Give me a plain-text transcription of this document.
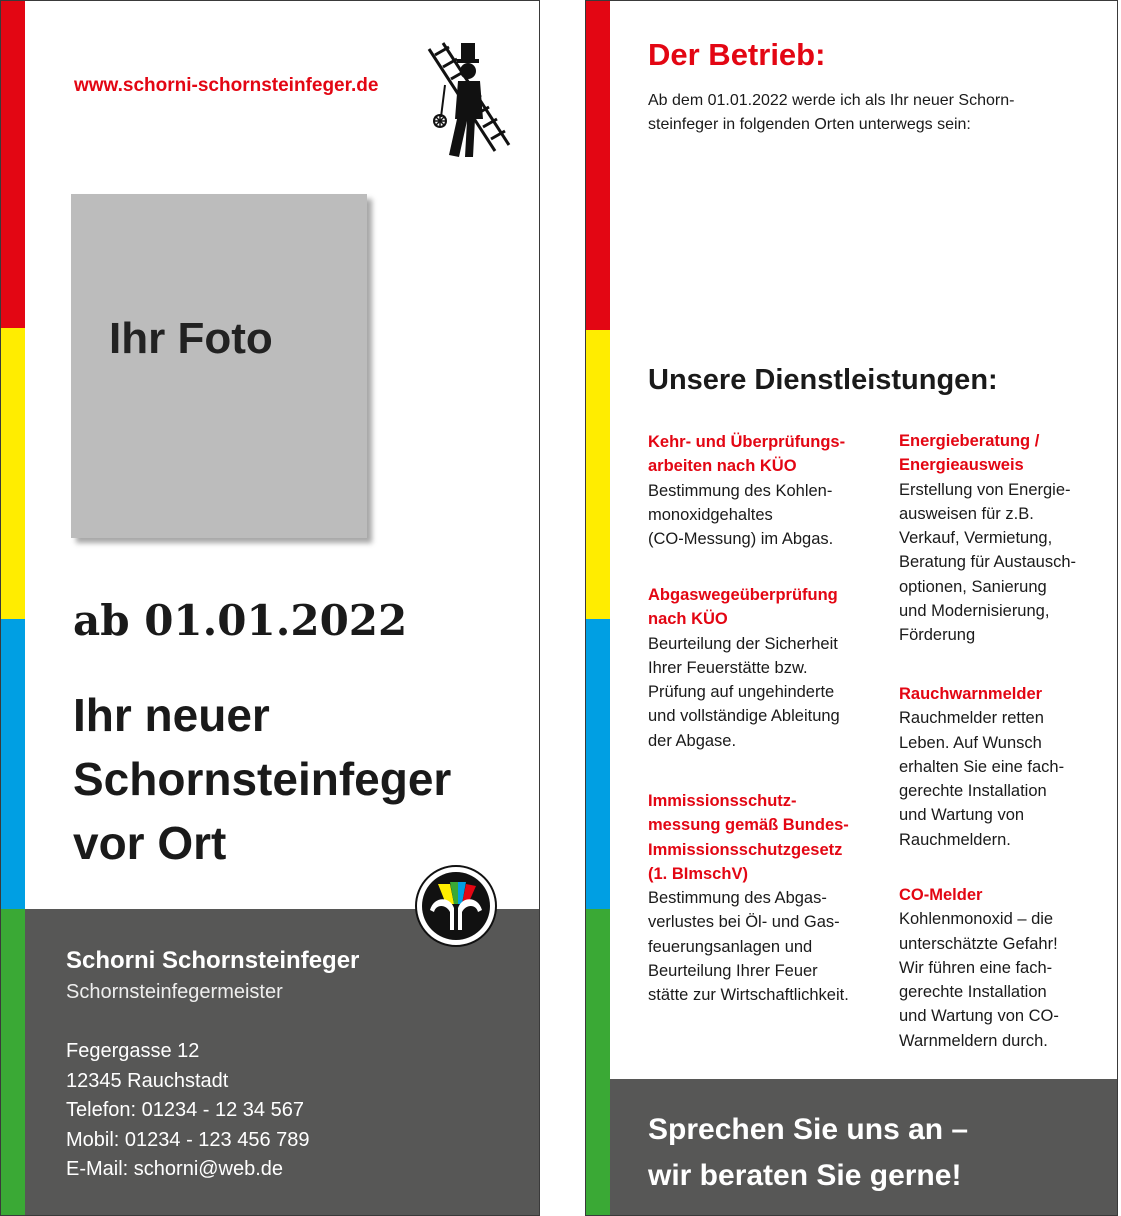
www.schorni-schornsteinfeger.de
Ihr Foto
ab 01.01.2022
Ihr neuer
Schornsteinfeger
vor Ort
Schorni Schornsteinfeger
Schornsteinfegermeister
Fegergasse 12
12345 Rauchstadt
Telefon: 01234 - 12 34 567
Mobil: 01234 - 123 456 789
E-Mail: schorni@web.de
Der Betrieb:
Ab dem 01.01.2022 werde ich als Ihr neuer Schorn-
steinfeger in folgenden Orten unterwegs sein:
Unsere Dienstleistungen:
Kehr- und Überprüfungs-
arbeiten nach KÜO
Bestimmung des Kohlen-
monoxidgehaltes
(CO-Messung) im Abgas.
Abgaswegeüberprüfung
nach KÜO
Beurteilung der Sicherheit
Ihrer Feuerstätte bzw.
Prüfung auf ungehinderte
und vollständige Ableitung
der Abgase.
Immissionsschutz-
messung gemäß Bundes-
Immissionsschutzgesetz
(1. BImschV)
Bestimmung des Abgas-
verlustes bei Öl- und Gas-
feuerungsanlagen und
Beurteilung Ihrer Feuer
stätte zur Wirtschaftlichkeit.
Energieberatung /
Energieausweis
Erstellung von Energie-
ausweisen für z.B.
Verkauf, Vermietung,
Beratung für Austausch-
optionen, Sanierung
und Modernisierung,
Förderung
Rauchwarnmelder
Rauchmelder retten
Leben. Auf Wunsch
erhalten Sie eine fach-
gerechte Installation
und Wartung von
Rauchmeldern.
CO-Melder
Kohlenmonoxid – die
unterschätzte Gefahr!
Wir führen eine fach-
gerechte Installation
und Wartung von CO-
Warnmeldern durch.
Sprechen Sie uns an –
wir beraten Sie gerne!
